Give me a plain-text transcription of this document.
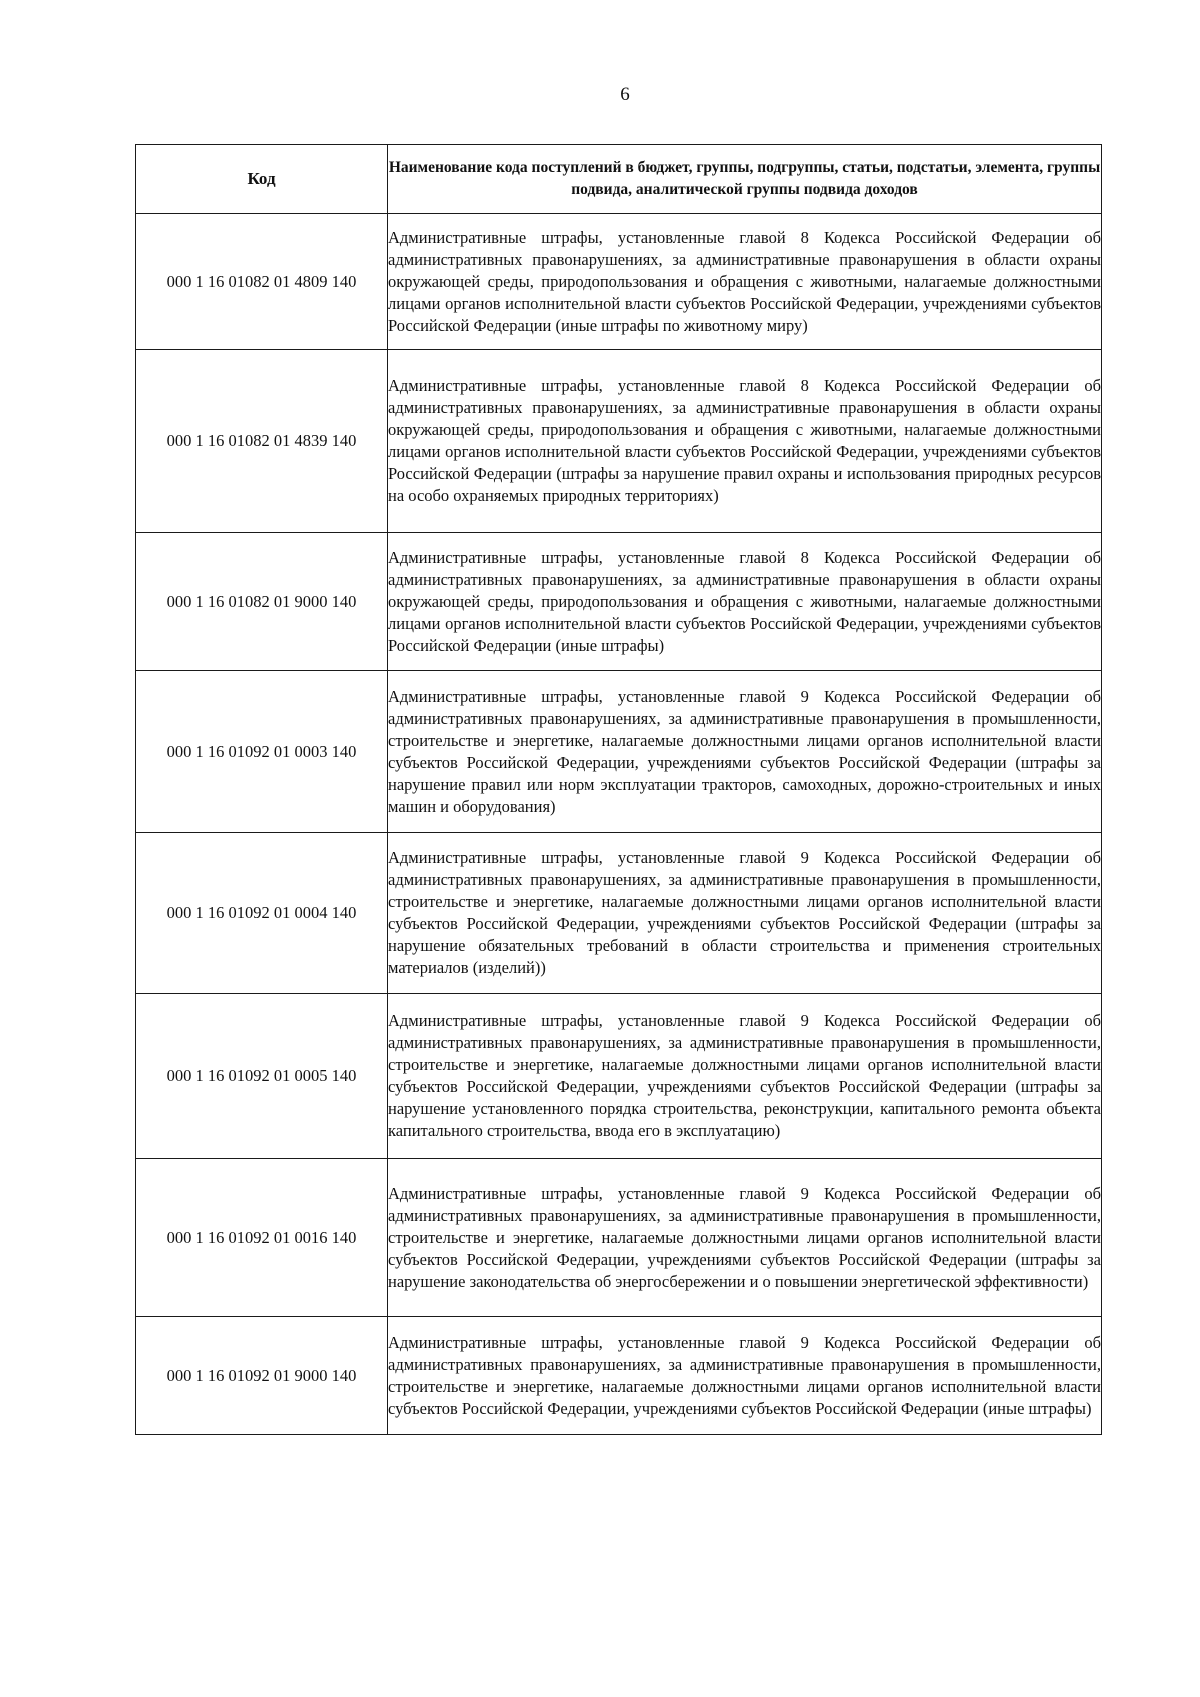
6
Код	Наименование кода поступлений в бюджет, группы, подгруппы, статьи, подстатьи, элемента, группы подвида, аналитической группы подвида доходов
000 1 16 01082 01 4809 140	Административные штрафы, установленные главой 8 Кодекса Российской Федерации об административных правонарушениях, за административные правонарушения в области охраны окружающей среды, природопользования и обращения с животными, налагаемые должностными лицами органов исполнительной власти субъектов Российской Федерации, учреждениями субъектов Российской Федерации (иные штрафы по животному миру)
000 1 16 01082 01 4839 140	Административные штрафы, установленные главой 8 Кодекса Российской Федерации об административных правонарушениях, за административные правонарушения в области охраны окружающей среды, природопользования и обращения с животными, налагаемые должностными лицами органов исполнительной власти субъектов Российской Федерации, учреждениями субъектов Российской Федерации (штрафы за нарушение правил охраны и использования природных ресурсов на особо охраняемых природных территориях)
000 1 16 01082 01 9000 140	Административные штрафы, установленные главой 8 Кодекса Российской Федерации об административных правонарушениях, за административные правонарушения в области охраны окружающей среды, природопользования и обращения с животными, налагаемые должностными лицами органов исполнительной власти субъектов Российской Федерации, учреждениями субъектов Российской Федерации (иные штрафы)
000 1 16 01092 01 0003 140	Административные штрафы, установленные главой 9 Кодекса Российской Федерации об административных правонарушениях, за административные правонарушения в промышленности, строительстве и энергетике, налагаемые должностными лицами органов исполнительной власти субъектов Российской Федерации, учреждениями субъектов Российской Федерации (штрафы за нарушение правил или норм эксплуатации тракторов, самоходных, дорожно-строительных и иных машин и оборудования)
000 1 16 01092 01 0004 140	Административные штрафы, установленные главой 9 Кодекса Российской Федерации об административных правонарушениях, за административные правонарушения в промышленности, строительстве и энергетике, налагаемые должностными лицами органов исполнительной власти субъектов Российской Федерации, учреждениями субъектов Российской Федерации (штрафы за нарушение обязательных требований в области строительства и применения строительных материалов (изделий))
000 1 16 01092 01 0005 140	Административные штрафы, установленные главой 9 Кодекса Российской Федерации об административных правонарушениях, за административные правонарушения в промышленности, строительстве и энергетике, налагаемые должностными лицами органов исполнительной власти субъектов Российской Федерации, учреждениями субъектов Российской Федерации (штрафы за нарушение установленного порядка строительства, реконструкции, капитального ремонта объекта капитального строительства, ввода его в эксплуатацию)
000 1 16 01092 01 0016 140	Административные штрафы, установленные главой 9 Кодекса Российской Федерации об административных правонарушениях, за административные правонарушения в промышленности, строительстве и энергетике, налагаемые должностными лицами органов исполнительной власти субъектов Российской Федерации, учреждениями субъектов Российской Федерации (штрафы за нарушение законодательства об энергосбережении и о повышении энергетической эффективности)
000 1 16 01092 01 9000 140	Административные штрафы, установленные главой 9 Кодекса Российской Федерации об административных правонарушениях, за административные правонарушения в промышленности, строительстве и энергетике, налагаемые должностными лицами органов исполнительной власти субъектов Российской Федерации, учреждениями субъектов Российской Федерации (иные штрафы)
